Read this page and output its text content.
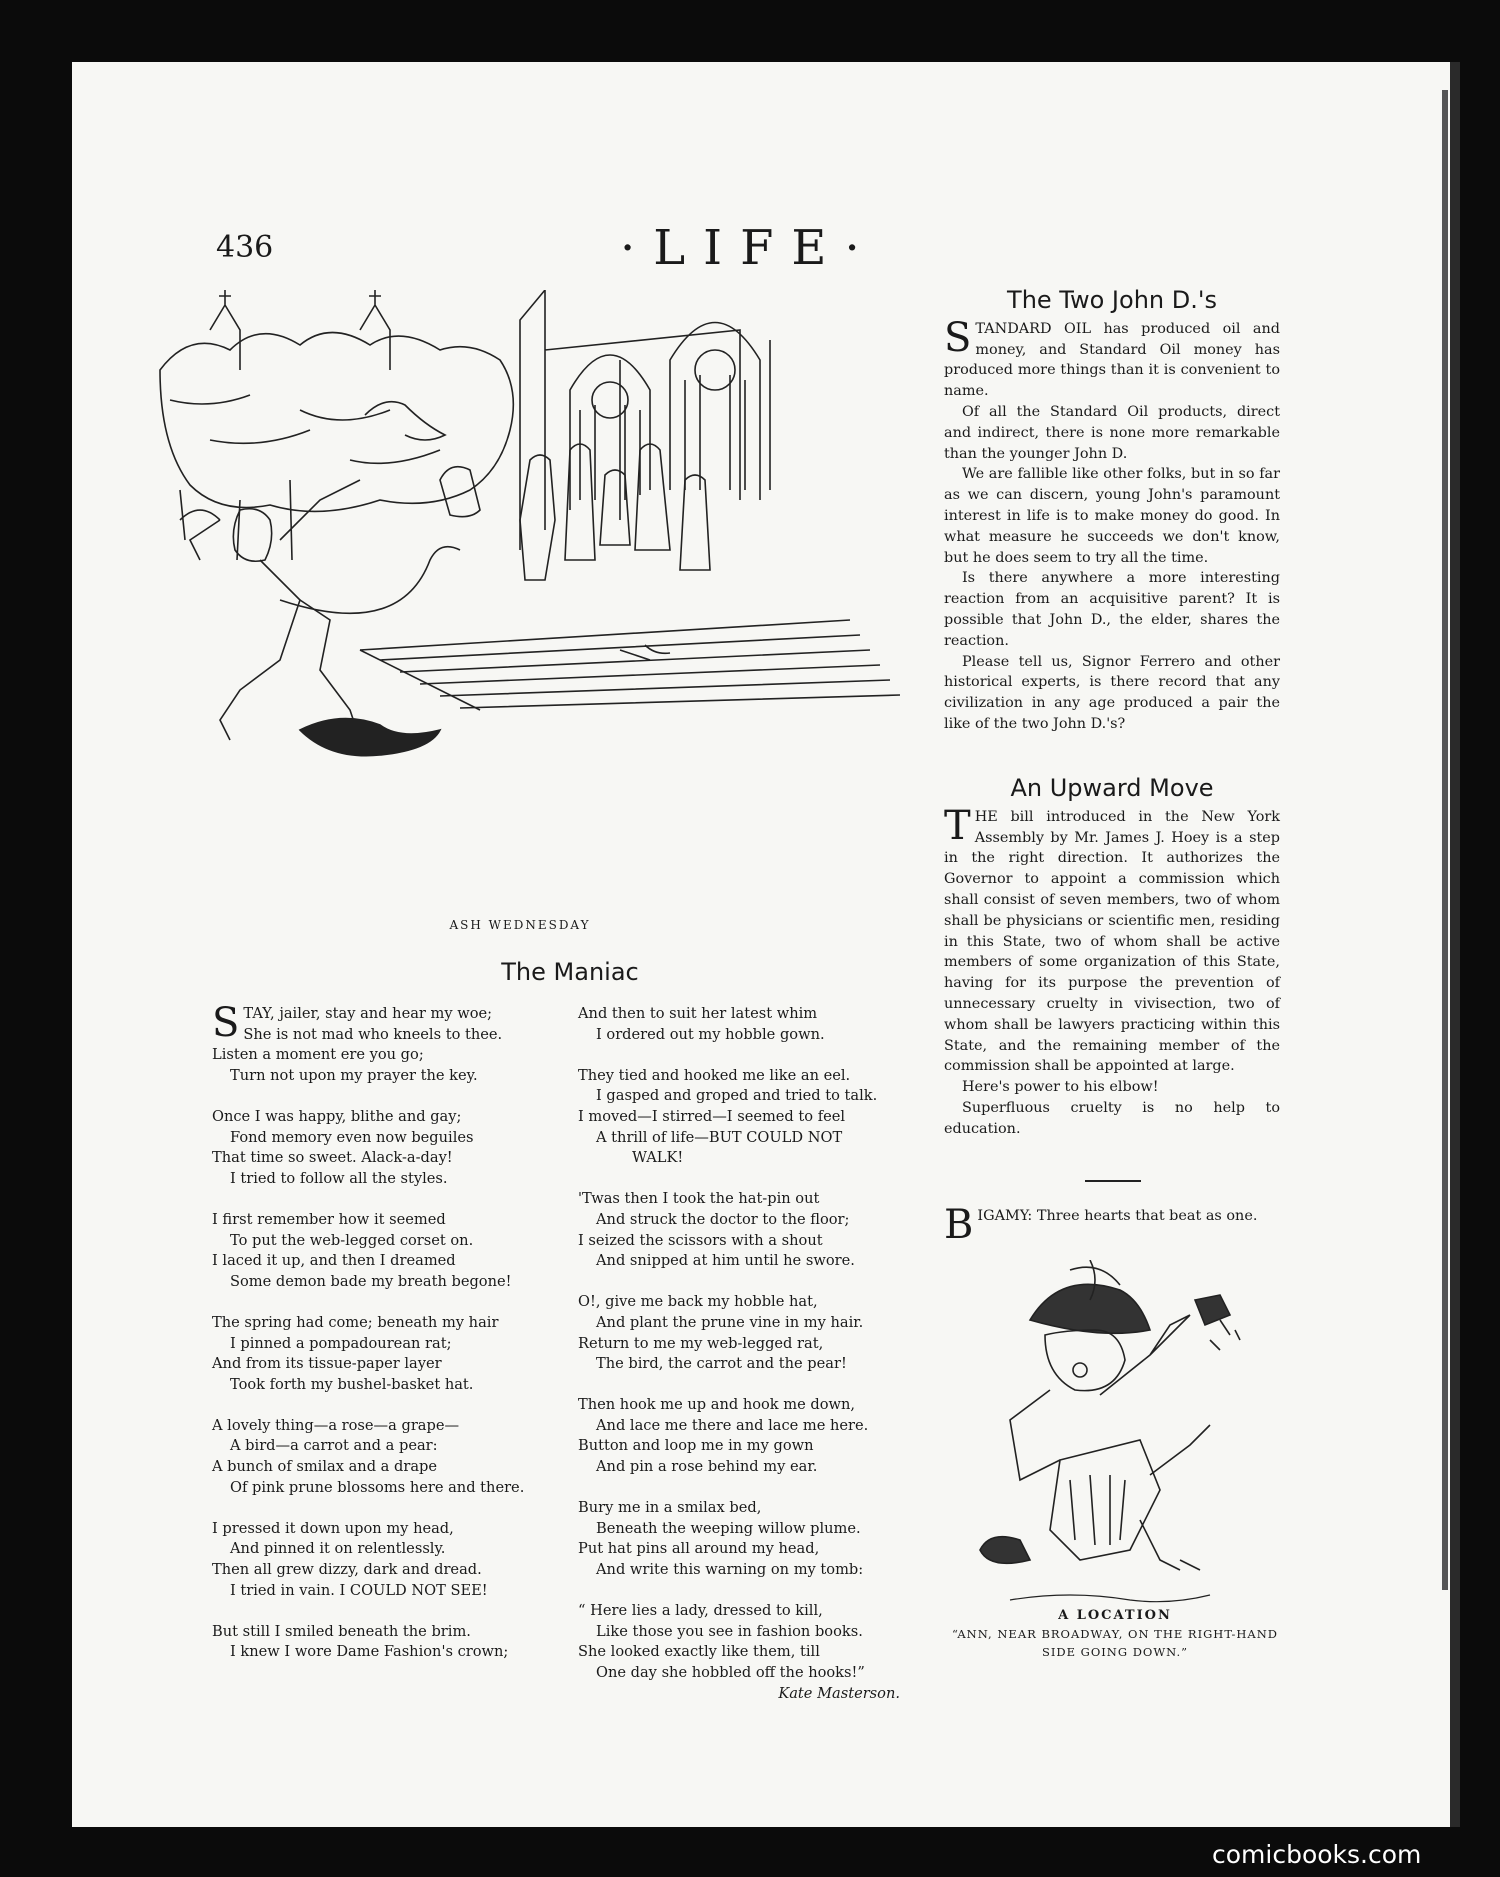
436	·LIFE·
ASH WEDNESDAY
The Maniac
S TAY, jailer, stay and hear my woe;
She is not mad who kneels to thee.
Listen a moment ere you go;
Turn not upon my prayer the key.
Once I was happy, blithe and gay;
Fond memory even now beguiles
That time so sweet. Alack-a-day!
I tried to follow all the styles.
I first remember how it seemed
To put the web-legged corset on.
I laced it up, and then I dreamed
Some demon bade my breath begone!
The spring had come; beneath my hair
I pinned a pompadourean rat;
And from its tissue-paper layer
Took forth my bushel-basket hat.
A lovely thing—a rose—a grape—
A bird—a carrot and a pear:
A bunch of smilax and a drape
Of pink prune blossoms here and there.
I pressed it down upon my head,
And pinned it on relentlessly.
Then all grew dizzy, dark and dread.
I tried in vain. I COULD NOT SEE!
But still I smiled beneath the brim.
I knew I wore Dame Fashion's crown;
And then to suit her latest whim
I ordered out my hobble gown.
They tied and hooked me like an eel.
I gasped and groped and tried to talk.
I moved—I stirred—I seemed to feel
A thrill of life—BUT COULD NOT
WALK!
'Twas then I took the hat-pin out
And struck the doctor to the floor;
I seized the scissors with a shout
And snipped at him until he swore.
O!, give me back my hobble hat,
And plant the prune vine in my hair.
Return to me my web-legged rat,
The bird, the carrot and the pear!
Then hook me up and hook me down,
And lace me there and lace me here.
Button and loop me in my gown
And pin a rose behind my ear.
Bury me in a smilax bed,
Beneath the weeping willow plume.
Put hat pins all around my head,
And write this warning on my tomb:
“ Here lies a lady, dressed to kill,
Like those you see in fashion books.
She looked exactly like them, till
One day she hobbled off the hooks!”
Kate Masterson.
The Two John D.'s

STANDARD OIL has produced oil and money, and Standard Oil money has produced more things than it is convenient to name.

Of all the Standard Oil products, direct and indirect, there is none more remarkable than the younger John D.

We are fallible like other folks, but in so far as we can discern, young John's paramount interest in life is to make money do good. In what measure he succeeds we don't know, but he does seem to try all the time.

Is there anywhere a more interesting reaction from an acquisitive parent? It is possible that John D., the elder, shares the reaction.

Please tell us, Signor Ferrero and other historical experts, is there record that any civilization in any age produced a pair the like of the two John D.'s?

An Upward Move

THE bill introduced in the New York Assembly by Mr. James J. Hoey is a step in the right direction. It authorizes the Governor to appoint a commission which shall consist of seven members, two of whom shall be physicians or scientific men, residing in this State, two of whom shall be active members of some organization of this State, having for its purpose the prevention of unnecessary cruelty in vivisection, two of whom shall be lawyers practicing within this State, and the remaining member of the commission shall be appointed at large.

Here's power to his elbow!

Superfluous cruelty is no help to education.

BIGAMY: Three hearts that beat as one.

A LOCATION
“ANN, NEAR BROADWAY, ON THE RIGHT-HAND SIDE GOING DOWN.”
comicbooks.com
